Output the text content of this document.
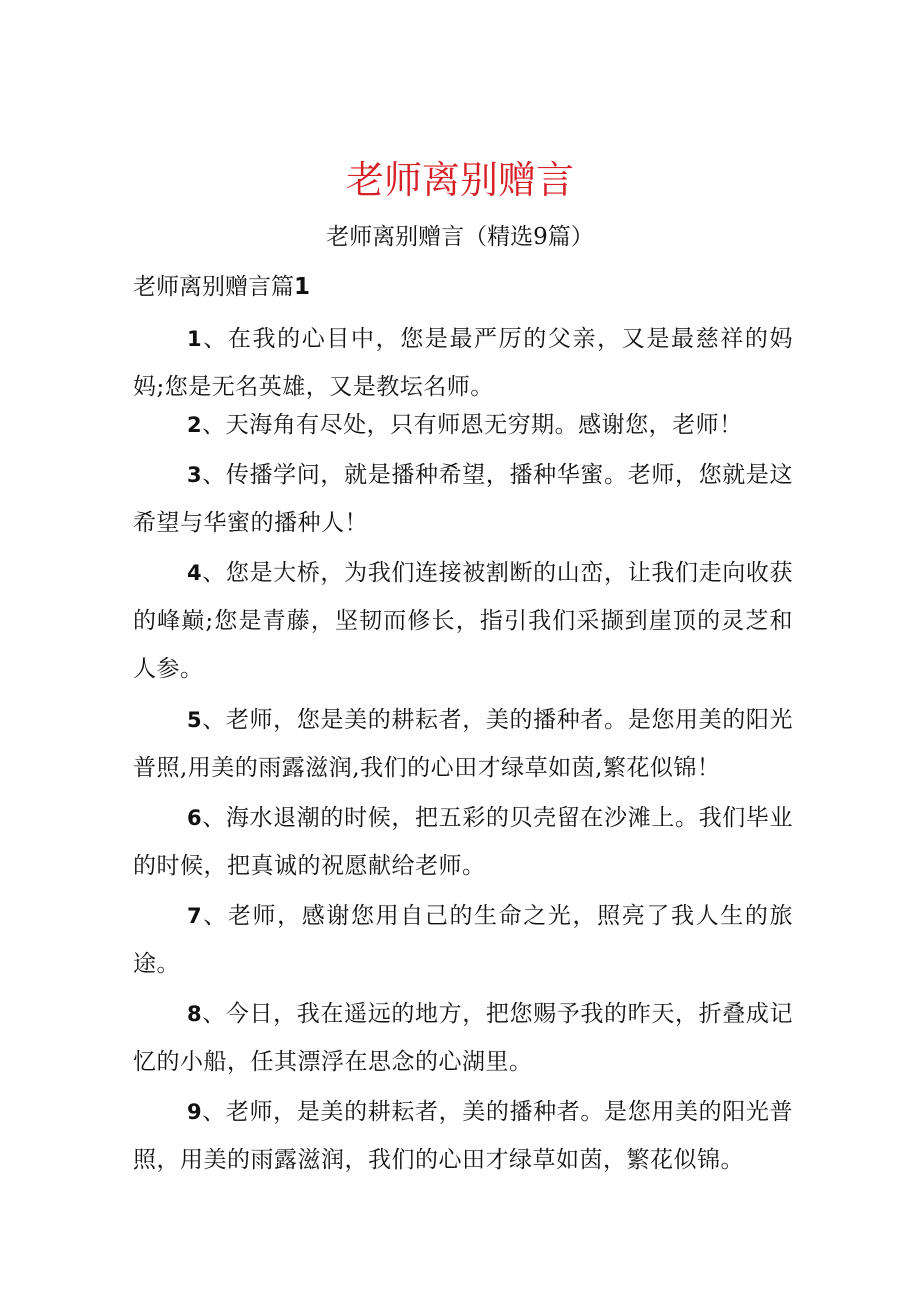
老师离别赠言
老师离别赠言（精选9篇）
老师离别赠言篇1
1、在我的心目中，您是最严厉的父亲，又是最慈祥的妈妈;您是无名英雄，又是教坛名师。
2、天海角有尽处，只有师恩无穷期。感谢您，老师！
3、传播学问，就是播种希望，播种华蜜。老师，您就是这希望与华蜜的播种人！
4、您是大桥，为我们连接被割断的山峦，让我们走向收获的峰巅;您是青藤，坚韧而修长，指引我们采撷到崖顶的灵芝和人参。
5、老师，您是美的耕耘者，美的播种者。是您用美的阳光普照,用美的雨露滋润,我们的心田才绿草如茵,繁花似锦！
6、海水退潮的时候，把五彩的贝壳留在沙滩上。我们毕业的时候，把真诚的祝愿献给老师。
7、老师，感谢您用自己的生命之光，照亮了我人生的旅途。
8、今日，我在遥远的地方，把您赐予我的昨天，折叠成记忆的小船，任其漂浮在思念的心湖里。
9、老师，是美的耕耘者，美的播种者。是您用美的阳光普照，用美的雨露滋润，我们的心田才绿草如茵，繁花似锦。
